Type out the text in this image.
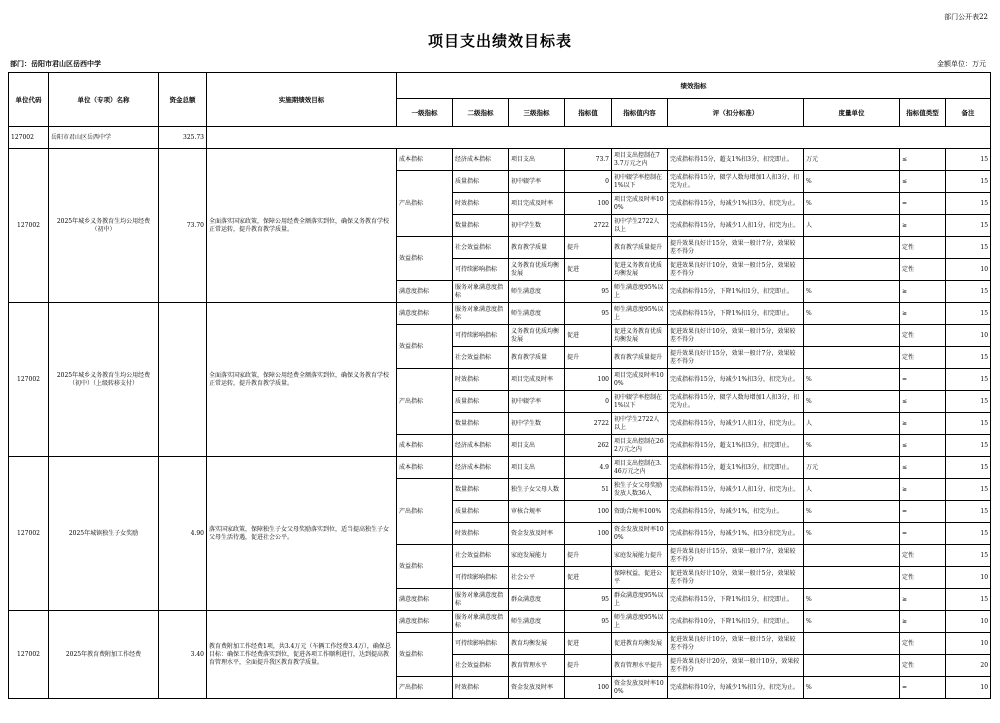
部门公开表22
项目支出绩效目标表
部门：岳阳市君山区岳西中学	金额单位：万元
单位代码	单位（专项）名称	资金总额	实施期绩效目标	绩效指标								
				一级指标	二级指标	三级指标	指标值	指标值内容	评（扣分标准）	度量单位	指标值类型	备注
127002	岳阳市君山区岳西中学	325.73										
127002	2025年城乡义务教育生均公用经费（初中）	73.70	全面落实国家政策，保障公用经费全额落实到位，确保义务教育学校正常运转，提升教育教学质量。	成本指标	经济成本指标	项目支出	73.7	项目支出控制在73.7万元之内	完成指标得15分，超支1%扣3分，扣完即止。	万元	≤	15
				产出指标	质量指标	初中辍学率	0	初中辍学率控制在1%以下	完成指标得15分，辍学人数每增加1人扣3分，扣完为止。	%	≤	15
					时效指标	项目完成及时率	100	项目完成及时率100%	完成指标得15分，每减少1%扣3分，扣完为止。	%	=	15
					数量指标	初中学生数	2722	初中学生2722人以上	完成指标得15分，每减少1人扣1分，扣完为止。	人	≥	15
				效益指标	社会效益指标	教育教学质量	提升	教育教学质量提升	提升效果良好计15分，效果一般计7分，效果较差不得分		定性	15
					可持续影响指标	义务教育优质均衡发展	促进	促进义务教育优质均衡发展	促进效果良好计10分，效果一般计5分，效果较差不得分		定性	10
				满意度指标	服务对象满意度指标	师生满意度	95	师生满意度95%以上	完成指标得15分，下降1%扣1分，扣完即止。	%	≥	15
127002	2025年城乡义务教育生均公用经费（初中）（上级转移支付）		全面落实国家政策，保障公用经费全额落实到位，确保义务教育学校正常运转，提升教育教学质量。	满意度指标	服务对象满意度指标	师生满意度	95	师生满意度95%以上	完成指标得15分，下降1%扣1分，扣完即止。	%	≥	15
				效益指标	可持续影响指标	义务教育优质均衡发展	促进	促进义务教育优质均衡发展	促进效果良好计10分，效果一般计5分，效果较差不得分		定性	10
					社会效益指标	教育教学质量	提升	教育教学质量提升	提升效果良好计15分，效果一般计7分，效果较差不得分		定性	15
				产出指标	时效指标	项目完成及时率	100	项目完成及时率100%	完成指标得15分，每减少1%扣3分，扣完为止。	%	=	15
					质量指标	初中辍学率	0	初中辍学率控制在1%以下	完成指标得15分，辍学人数每增加1人扣3分，扣完为止。	%	≤	15
					数量指标	初中学生数	2722	初中学生2722人以上	完成指标得15分，每减少1人扣1分，扣完为止。	人	≥	15
				成本指标	经济成本指标	项目支出	262	项目支出控制在262万元之内	完成指标得15分，超支1%扣3分，扣完即止。	%	≤	15
127002	2025年城镇独生子女奖励	4.90	落实国家政策，保障独生子女父母奖励落实到位，适当提高独生子女父母生活待遇，促进社会公平。	成本指标	经济成本指标	项目支出	4.9	项目支出控制在3.46万元之内	完成指标得15分，超支1%扣3分，扣完即止。	万元	≤	15
				产出指标	数量指标	独生子女父母人数	51	独生子女父母奖励发放人数36人	完成指标得15分，每减少1人扣1分，扣完为止。	人	≥	15
					质量指标	审核合规率	100	资助合规率100%	完成指标得15分，每减少1%，扣完为止。	%	=	15
					时效指标	资金发放及时率	100	资金发放及时率100%	完成指标得15分，每减少1%，扣3分扣完为止。	%	=	15
				效益指标	社会效益指标	家庭发展能力	提升	家庭发展能力提升	提升效果良好计15分，效果一般计7分，效果较差不得分		定性	15
					可持续影响指标	社会公平	促进	保障权益，促进公平	促进效果良好计10分，效果一般计5分，效果较差不得分		定性	10
				满意度指标	服务对象满意度指标	群众满意度	95	群众满意度95%以上	完成指标得15分，下降1%扣1分，扣完即止。	%	≥	15
127002	2025年教育费附加工作经费	3.40	教育费附加工作经费1项，共3.4万元（车辆工作经费3.4万），确保总目标：确保工作经费落实到位，促进各项工作顺利进行，达到提高教育管理水平，全面提升我区教育教学质量。	满意度指标	服务对象满意度指标	师生满意度	95	师生满意度95%以上	完成指标得10分，下降1%扣1分，扣完即止。	%	≥	10
				效益指标	可持续影响指标	教育均衡发展	促进	促进教育均衡发展	促进效果良好计10分，效果一般计5分，效果较差不得分		定性	10
					社会效益指标	教育管理水平	提升	教育管理水平提升	提升效果良好计20分，效果一般计10分，效果较差不得分		定性	20
				产出指标	时效指标	资金发放及时率	100	资金发放及时率100%	完成指标得10分，每减少1%扣1分，扣完为止。	%	=	10
